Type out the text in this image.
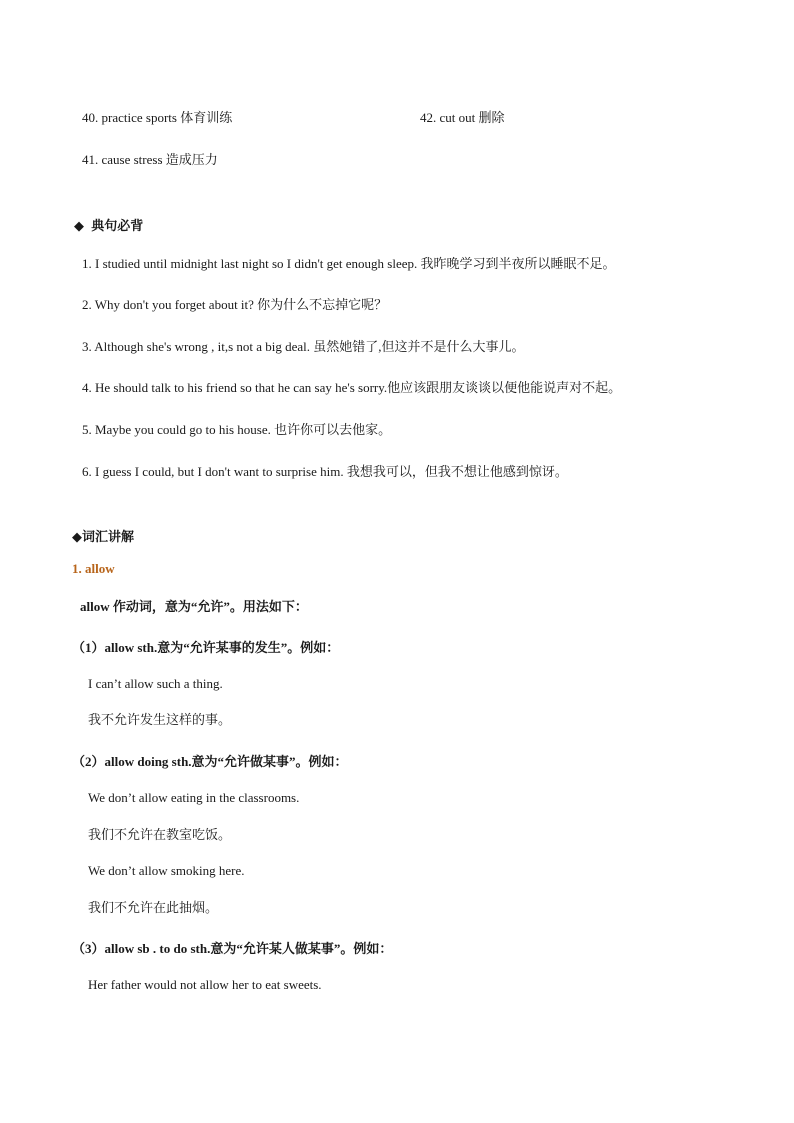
40. practice sports 体育训练	42. cut out 删除
41. cause stress 造成压力
◆ 典句必背
1. I studied until midnight last night so I didn't get enough sleep. 我昨晚学习到半夜所以睡眠不足。
2. Why don't you forget about it? 你为什么不忘掉它呢？
3. Although she's wrong , it,s not a big deal. 虽然她错了,但这并不是什么大事儿。
4. He should talk to his friend so that he can say he's sorry.他应该跟朋友谈谈以便他能说声对不起。
5. Maybe you could go to his house. 也许你可以去他家。
6. I guess I could, but I don't want to surprise him. 我想我可以，但我不想让他感到惊讶。
◆词汇讲解
1. allow
allow 作动词，意为“允许”。用法如下：
（1）allow sth.意为“允许某事的发生”。例如：
I can’t allow such a thing.
我不允许发生这样的事。
（2）allow doing sth.意为“允许做某事”。例如：
We don’t allow eating in the classrooms.
我们不允许在教室吃饭。
We don’t allow smoking here.
我们不允许在此抽烟。
（3）allow sb . to do sth.意为“允许某人做某事”。例如：
Her father would not allow her to eat sweets.
